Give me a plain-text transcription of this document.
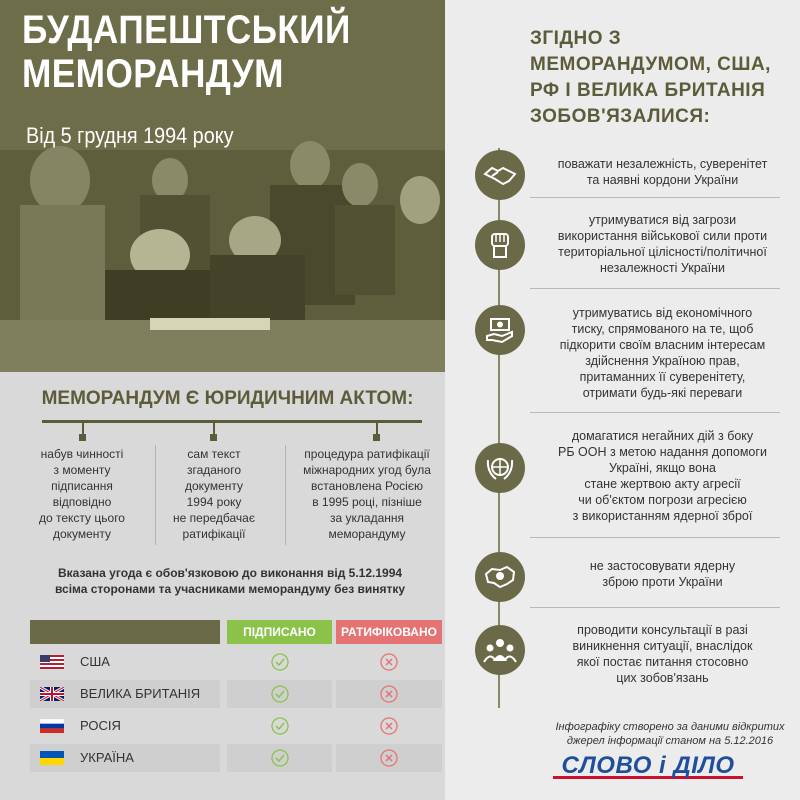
БУДАПЕШТСЬКИЙ
МЕМОРАНДУМ
Від 5 грудня 1994 року
ЗГІДНО З
МЕМОРАНДУМОМ, США,
РФ І ВЕЛИКА БРИТАНІЯ
ЗОБОВ'ЯЗАЛИСЯ:
поважати незалежність, суверенітет
та наявні кордони України
утримуватися від загрози
використання військової сили проти
територіальної цілісності/політичної
незалежності України
утримуватись від економічного
тиску, спрямованого на те, щоб
підкорити своїм власним інтересам
здійснення Україною прав,
притаманних її суверенітету,
отримати будь-які переваги
домагатися негайних дій з боку
РБ ООН з метою надання допомоги
Україні, якщо вона
стане жертвою акту агресії
чи об'єктом погрози агресією
з використанням ядерної зброї
не застосовувати ядерну
зброю проти України
проводити консультації в разі
виникнення ситуації, внаслідок
якої постає питання стосовно
цих зобов'язань
Інфографіку створено за даними відкритих
джерел інформації станом на 5.12.2016
СЛОВО і ДІЛО
МЕМОРАНДУМ Є ЮРИДИЧНИМ АКТОМ:
набув чинності
з моменту
підписання
відповідно
до тексту цього
документу
сам текст
згаданого
документу
1994 року
не передбачає
ратифікації
процедура ратифікації
міжнародних угод була
встановлена Росією
в 1995 році, пізніше
за укладання
меморандуму
Вказана угода є обов'язковою до виконання від 5.12.1994
всіма сторонами та учасниками меморандуму без винятку
ПІДПИСАНО	РАТИФІКОВАНО
США
ВЕЛИКА БРИТАНІЯ
РОСІЯ
УКРАЇНА
